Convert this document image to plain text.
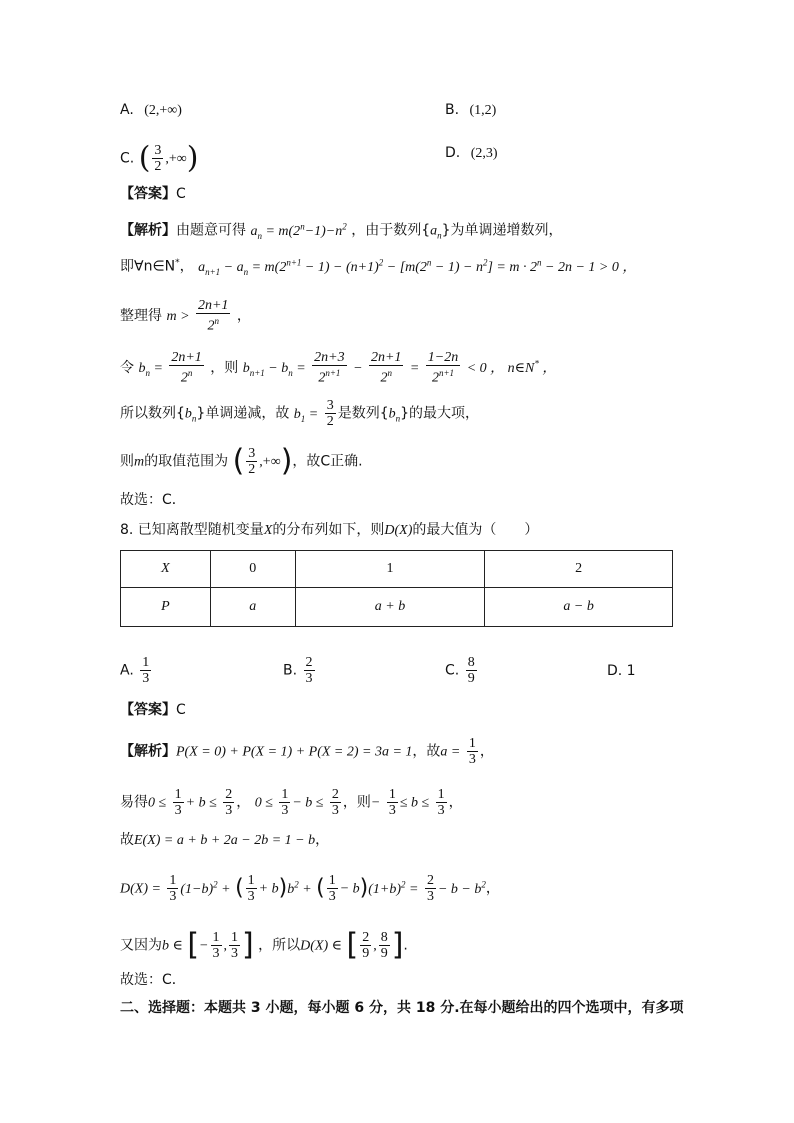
A. (2,+∞)	B. (1,2)
C. ( $\frac{3}{2}$ ,+∞)	D. (2,3)
【答案】C
【解析】由题意可得 $a_n = m(2^n-1)-n^2$ ，由于数列$\{a_n\}$为单调递增数列，
即∀n∈N*， $a_{n+1} - a_n = m(2^{n+1} - 1) - (n+1)^2 - [m(2^n - 1) - n^2] = m \cdot 2^n - 2n - 1 > 0$ ，
整理得 $m > \frac{2n+1}{2^n}$ ，
令 $b_n = \frac{2n+1}{2^n}$ ，则 $b_{n+1} - b_n = \frac{2n+3}{2^{n+1}} - \frac{2n+1}{2^n} = \frac{1-2n}{2^{n+1}} < 0$ ， n∈N* ，
所以数列$\{b_n\}$单调递减，故 $b_1 = \frac{3}{2}$ 是数列$\{b_n\}$的最大项，
则m的取值范围为 ( $\frac{3}{2}$ ,+∞)，故C正确.
故选：C．
8. 已知离散型随机变量X的分布列如下，则D(X)的最大值为（　　）
X	0	1	2
P	a	a + b	a − b
A. $\frac{1}{3}$	B. $\frac{2}{3}$	C. $\frac{8}{9}$	D. 1
【答案】C
【解析】P(X = 0) + P(X = 1) + P(X = 2) = 3a = 1，故$a = \frac{1}{3}$ ，
易得$0 \le \frac{1}{3} + b \le \frac{2}{3}$ ， $0 \le \frac{1}{3} - b \le \frac{2}{3}$ ，则− $\frac{1}{3} \le b \le \frac{1}{3}$ ，
故E(X) = a + b + 2a − 2b = 1 − b，
$D(X) = \frac{1}{3} (1-b)^2$ + ( $\frac{1}{3} + b)b^2$ + ( $\frac{1}{3} - b)(1+b)^2 = \frac{2}{3} - b - b^2$，
又因为b ∈ [− $\frac{1}{3}$ , $\frac{1}{3}$ ] ，所以D(X) ∈ [ $\frac{2}{9}$ , $\frac{8}{9}$ ].
故选：C．
二、选择题：本题共 3 小题，每小题 6 分，共 18 分.在每小题给出的四个选项中，有多项
